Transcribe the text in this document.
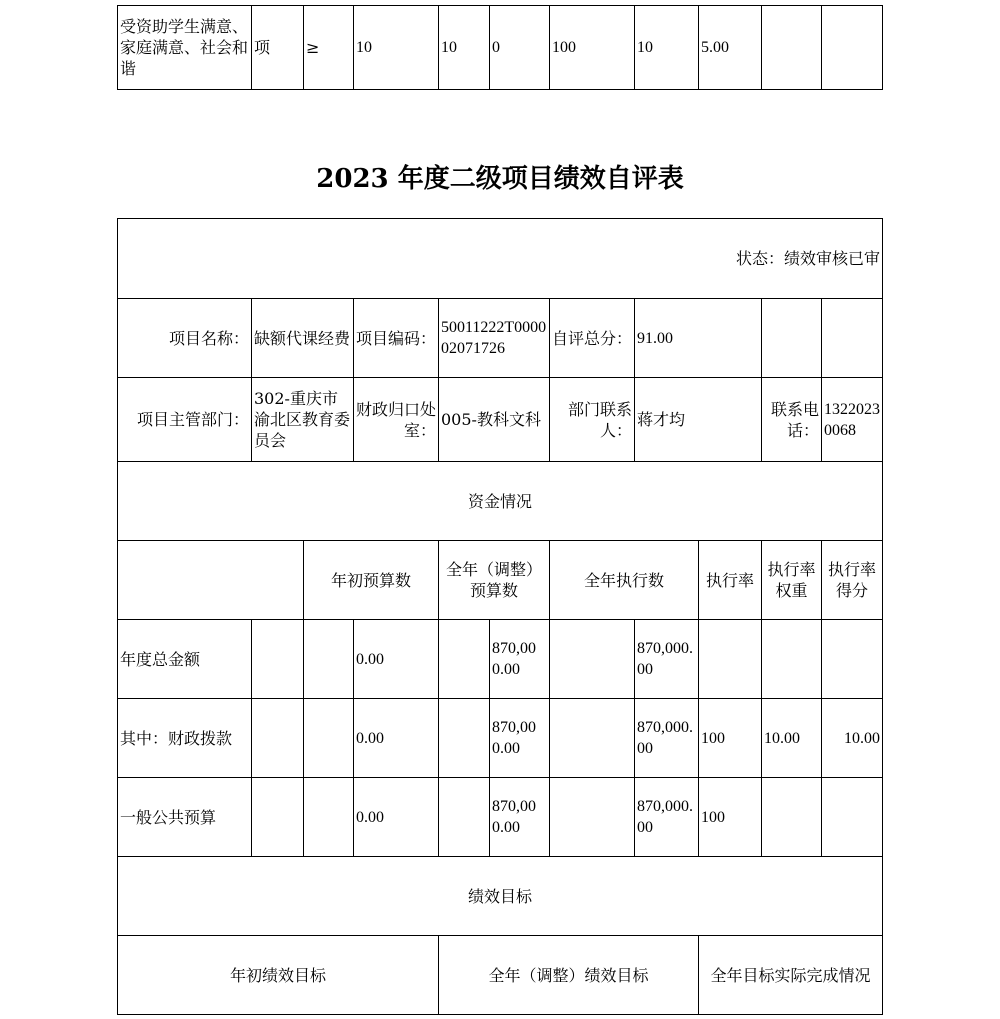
受资助学生满意、家庭满意、社会和谐	项	≥	10	10	0	100	10	5.00		
2023 年度二级项目绩效自评表
状态：绩效审核已审										
项目名称：	缺额代课经费		项目编码：	50011222T000002071726		自评总分：	91.00			
项目主管部门：	302-重庆市渝北区教育委员会		财政归口处室：	005-教科文科		部门联系人：	蒋才均		联系电话：	13220230068
资金情况										
		年初预算数		全年（调整）预算数		全年执行数		执行率	执行率权重	执行率得分
年度总金额			0.00		870,000.00		870,000.00			
其中：财政拨款			0.00		870,000.00		870,000.00	100	10.00	10.00
一般公共预算			0.00		870,000.00		870,000.00	100		
绩效目标										
年初绩效目标				全年（调整）绩效目标				全年目标实际完成情况		
